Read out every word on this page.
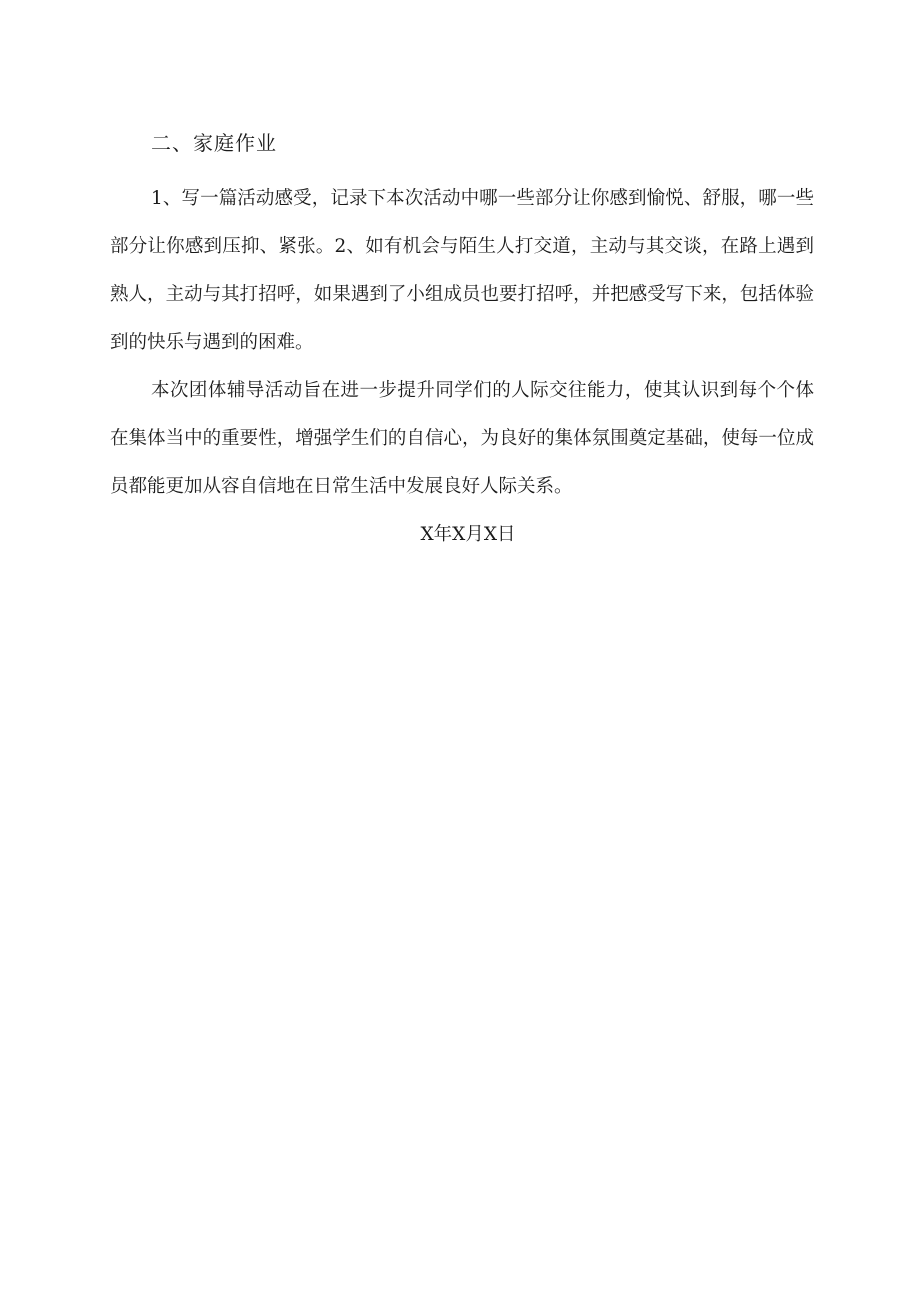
二、家庭作业

1、写一篇活动感受，记录下本次活动中哪一些部分让你感到愉悦、舒服，哪一些部分让你感到压抑、紧张。2、如有机会与陌生人打交道，主动与其交谈，在路上遇到熟人，主动与其打招呼，如果遇到了小组成员也要打招呼，并把感受写下来，包括体验到的快乐与遇到的困难。

本次团体辅导活动旨在进一步提升同学们的人际交往能力，使其认识到每个个体在集体当中的重要性，增强学生们的自信心，为良好的集体氛围奠定基础，使每一位成员都能更加从容自信地在日常生活中发展良好人际关系。

X年X月X日
